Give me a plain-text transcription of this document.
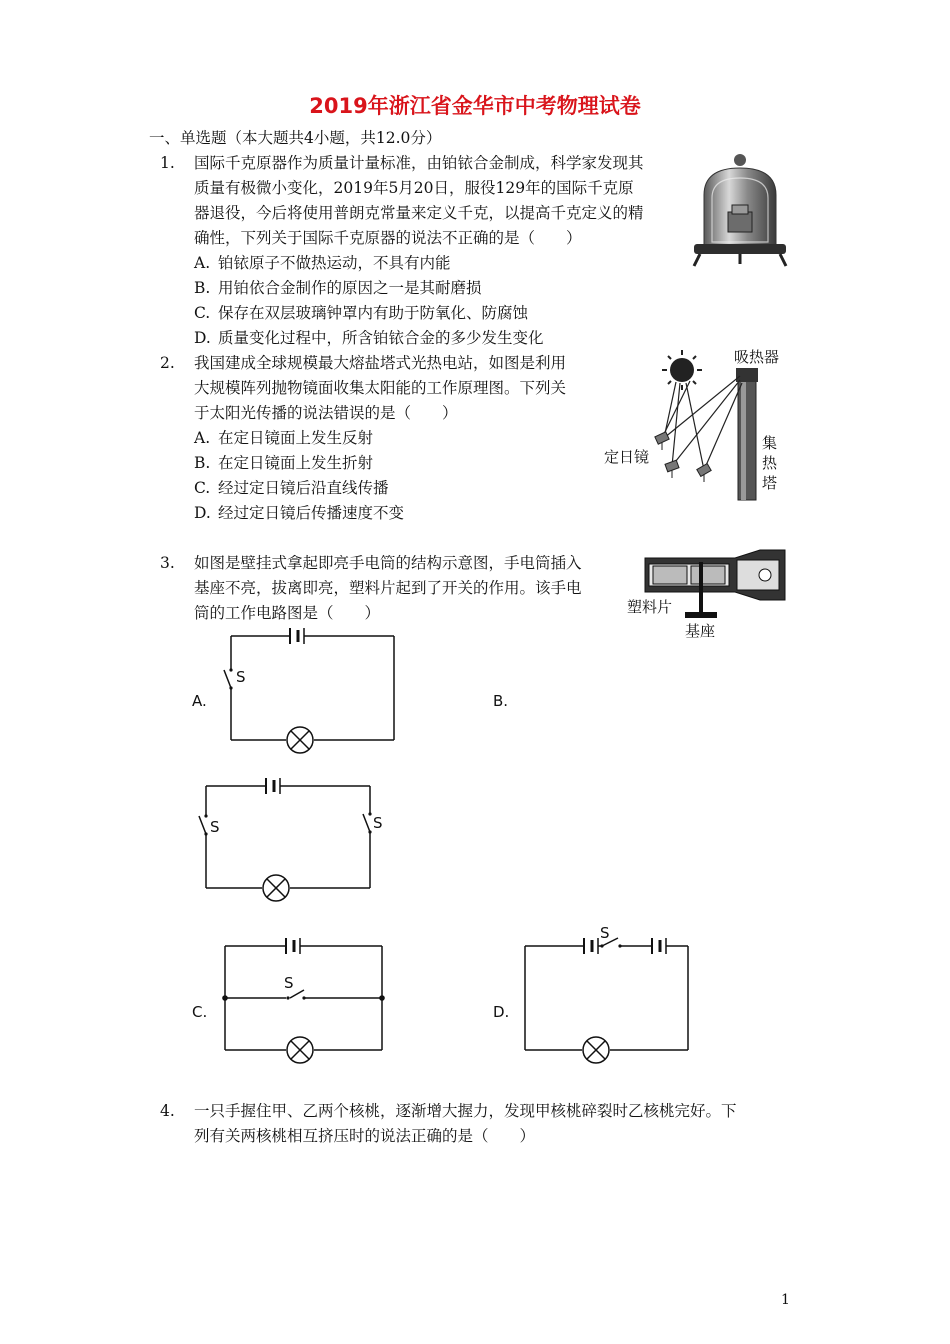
2019年浙江省金华市中考物理试卷
一、单选题（本大题共4小题，共12.0分）
1. 国际千克原器作为质量计量标准，由铂铱合金制成，科学家发现其
质量有极微小变化，2019年5月20日，服役129年的国际千克原
器退役，今后将使用普朗克常量来定义千克，以提高千克定义的精
确性，下列关于国际千克原器的说法不正确的是（　　）
A. 铂铱原子不做热运动，不具有内能
B. 用铂依合金制作的原因之一是其耐磨损
C. 保存在双层玻璃钟罩内有助于防氧化、防腐蚀
D. 质量变化过程中，所含铂铱合金的多少发生变化
2. 我国建成全球规模最大熔盐塔式光热电站，如图是利用
大规模阵列抛物镜面收集太阳能的工作原理图。下列关
于太阳光传播的说法错误的是（　　）
A. 在定日镜面上发生反射
B. 在定日镜面上发生折射
C. 经过定日镜后沿直线传播
D. 经过定日镜后传播速度不变
吸热器
定日镜
集
热
塔
3. 如图是壁挂式拿起即亮手电筒的结构示意图，手电筒插入
基座不亮，拔离即亮，塑料片起到了开关的作用。该手电
筒的工作电路图是（　　）	塑料片
基座
A.
S
B.
S	S
C.
S
D.
S
4. 一只手握住甲、乙两个核桃，逐渐增大握力，发现甲核桃碎裂时乙核桃完好。下
列有关两核桃相互挤压时的说法正确的是（　　）
1
